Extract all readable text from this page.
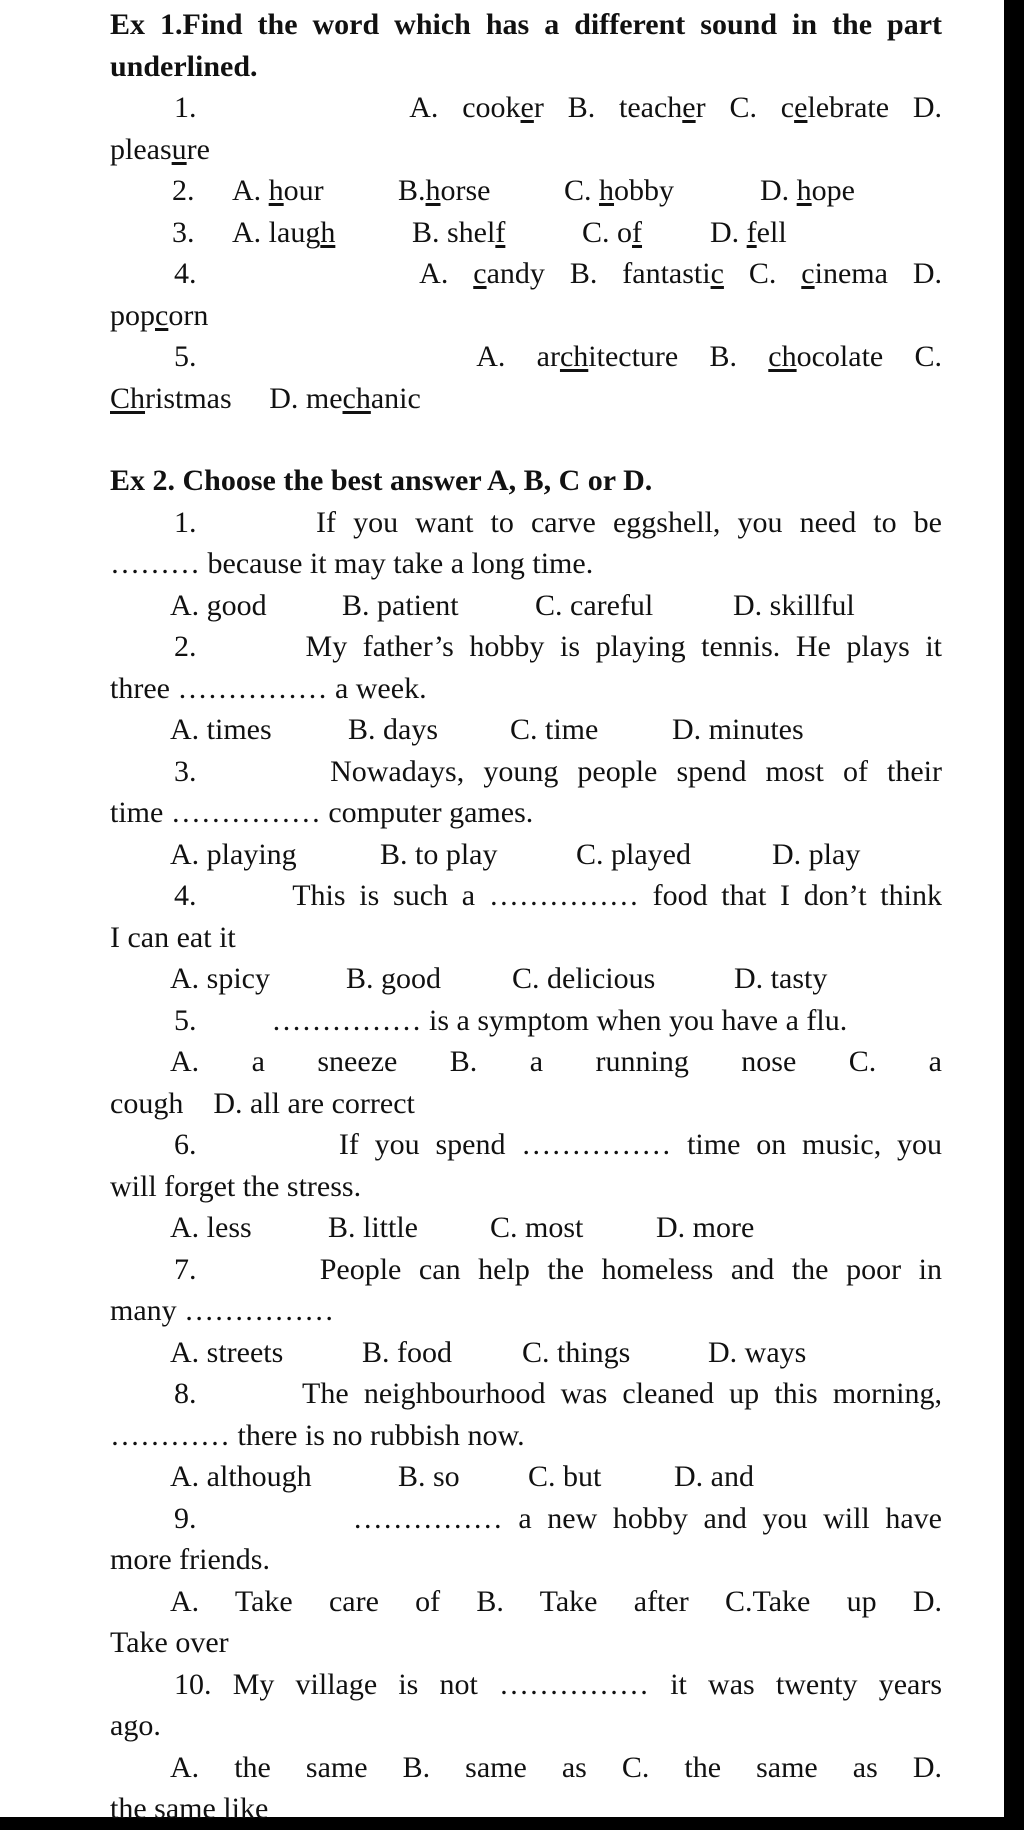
Ex 1.Find the word which has a different sound in the part underlined.

1.	A. cooker B. teacher C. celebrate D.

pleasure

2. A. hour B.horse C. hobby	D. hope

3. A. laugh	B. shelf	C. of D. fell

4.	A. candy B. fantastic C. cinema D.

popcorn

5.	A. architecture B. chocolate C.

Christmas D. mechanic

Ex 2. Choose the best answer A, B, C or D.

1.	If you want to carve eggshell, you need to be

……… because it may take a long time.

A. good	B. patient	C. careful	D. skillful

2.	My father’s hobby is playing tennis. He plays it

three …………… a week.

A. times	B. days C. time D. minutes

3.	Nowadays, young people spend most of their

time …………… computer games.

A. playing	B. to play	C. played	D. play

4.	This is such a …………… food that I don’t think

I can eat it

A. spicy	B. good C. delicious	D. tasty

5.	…………… is a symptom when you have a flu.

A. a sneeze B. a running nose C. a

cough    D. all are correct

6.	If you spend …………… time on music, you

will forget the stress.

A. less	B. little C. most D. more

7.	People can help the homeless and the poor in

many ……………

A. streets	B. food C. things	D. ways

8.	The neighbourhood was cleaned up this morning,

………… there is no rubbish now.

A. although	B. so C. but D. and

9.	…………… a new hobby and you will have

more friends.

A. Take care of B. Take after C.Take up D.

Take over

10. My village is not …………… it was twenty years

ago.

A. the same B. same as C. the same as D.

the same like
